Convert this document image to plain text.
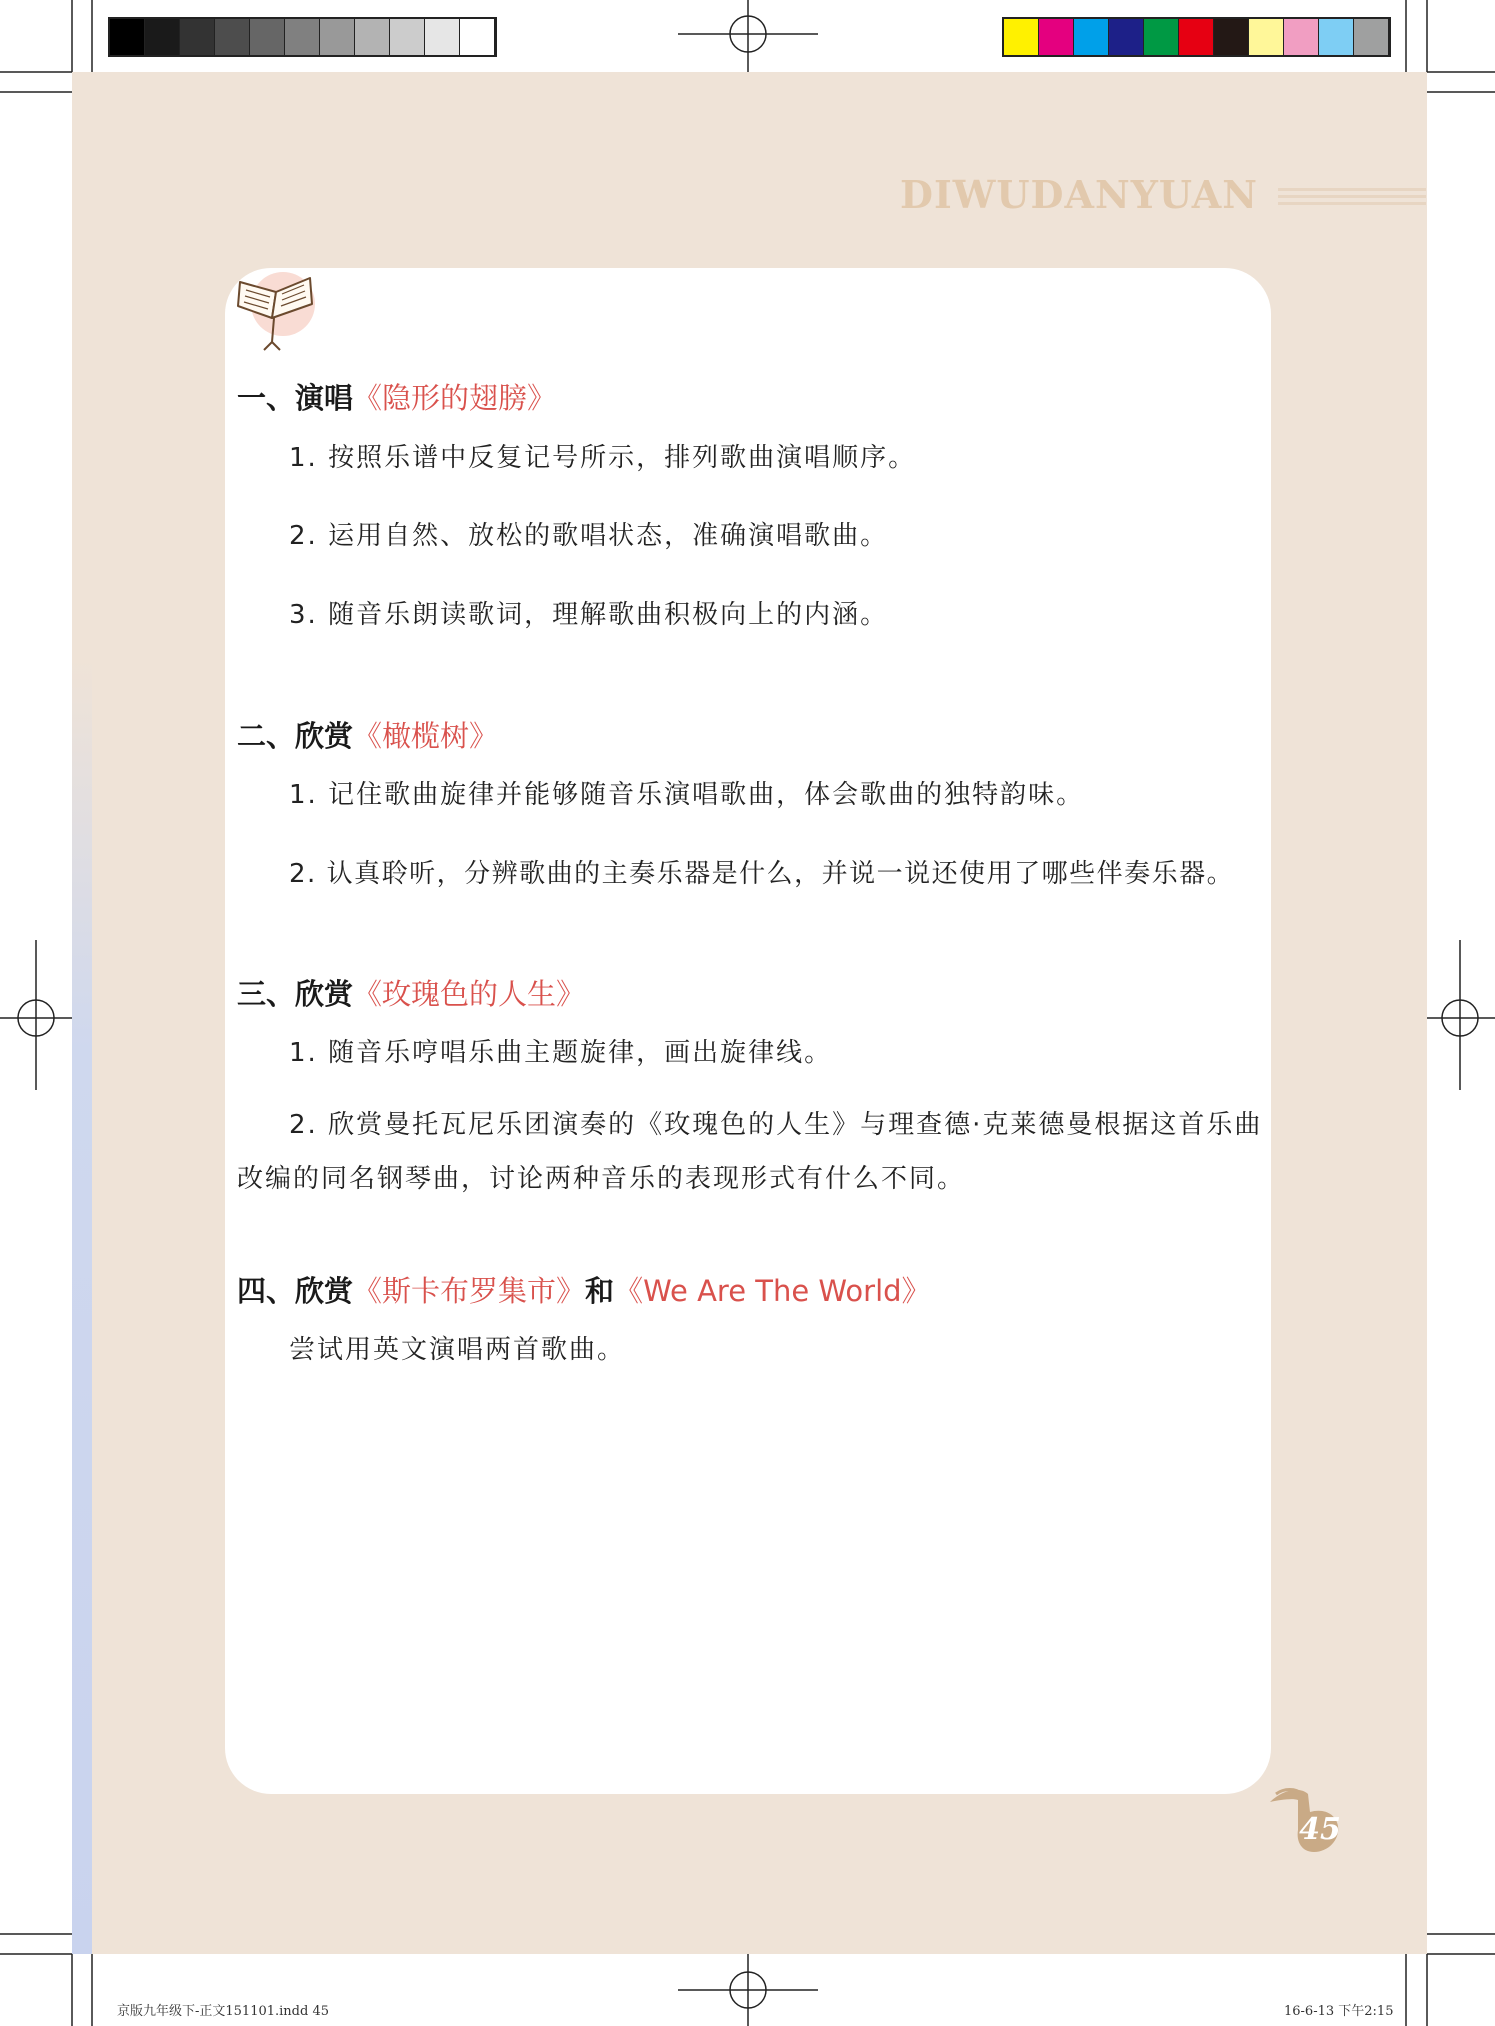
DIWUDANYUAN
一、演唱《隐形的翅膀》
1. 按照乐谱中反复记号所示，排列歌曲演唱顺序。
2. 运用自然、放松的歌唱状态，准确演唱歌曲。
3. 随音乐朗读歌词，理解歌曲积极向上的内涵。
二、欣赏《橄榄树》
1. 记住歌曲旋律并能够随音乐演唱歌曲，体会歌曲的独特韵味。
2. 认真聆听，分辨歌曲的主奏乐器是什么，并说一说还使用了哪些伴奏乐器。
三、欣赏《玫瑰色的人生》
1. 随音乐哼唱乐曲主题旋律，画出旋律线。
2. 欣赏曼托瓦尼乐团演奏的《玫瑰色的人生》与理查德·克莱德曼根据这首乐曲改编的同名钢琴曲，讨论两种音乐的表现形式有什么不同。
四、欣赏《斯卡布罗集市》和《We Are The World》
尝试用英文演唱两首歌曲。
45
京版九年级下-正文151101.indd 45	16-6-13 下午2:15
